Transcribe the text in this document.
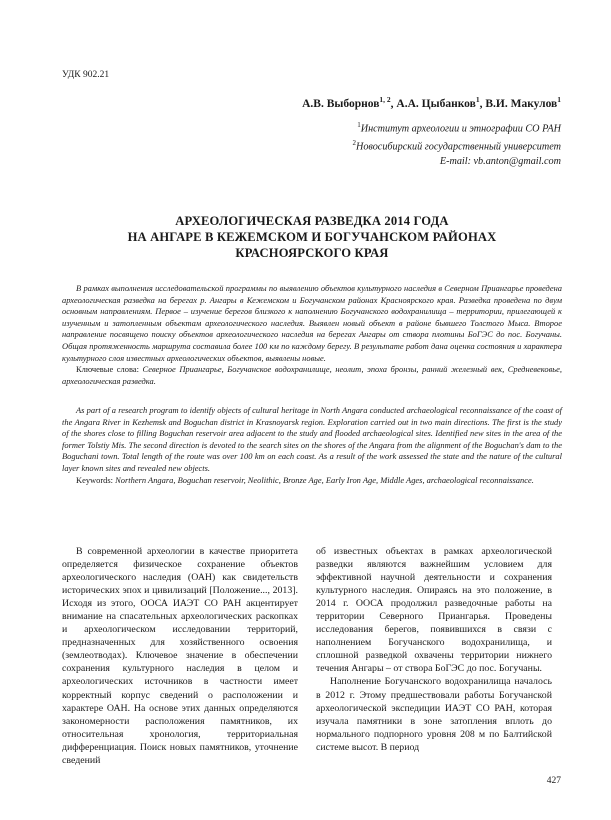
УДК 902.21
А.В. Выборнов$^{1, 2}$, А.А. Цыбанков$^1$, В.И. Макулов$^1$
$^1$Институт археологии и этнографии СО РАН
$^2$Новосибирский государственный университет
E-mail: vb.anton@gmail.com
АРХЕОЛОГИЧЕСКАЯ РАЗВЕДКА 2014 ГОДА
НА АНГАРЕ В КЕЖЕМСКОМ И БОГУЧАНСКОМ РАЙОНАХ
КРАСНОЯРСКОГО КРАЯ
В рамках выполнения исследовательской программы по выявлению объектов культурного наследия в Северном Приангарье проведена археологическая разведка на берегах р. Ангары в Кежемском и Богучанском районах Красноярского края. Разведка проведена по двум основным направлениям. Первое – изучение берегов близкого к наполнению Богучанского водохранилища – территории, прилегающей к изученным и затопленным объектам археологического наследия. Выявлен новый объект в районе бывшего Толстого Мыса. Второе направление посвящено поиску объектов археологического наследия на берегах Ангары от створа плотины БоГЭС до пос. Богучаны. Общая протяженность маршрута составила более 100 км по каждому берегу. В результате работ дана оценка состояния и характера культурного слоя известных археологических объектов, выявлены новые.
Ключевые слова: Северное Приангарье, Богучанское водохранилище, неолит, эпоха бронзы, ранний железный век, Средневековье, археологическая разведка.
As part of a research program to identify objects of cultural heritage in North Angara conducted archaeological reconnaissance of the coast of the Angara River in Kezhemsk and Boguchan district in Krasnoyarsk region. Exploration carried out in two main directions. The first is the study of the shores close to filling Boguchan reservoir area adjacent to the study and flooded archaeological sites. Identified new sites in the area of the former Tolstiy Mis. The second direction is devoted to the search sites on the shores of the Angara from the alignment of the Boguchan's dam to the Boguchani town. Total length of the route was over 100 km on each coast. As a result of the work assessed the state and the nature of the cultural layer known sites and revealed new objects.
Keywords: Northern Angara, Boguchan reservoir, Neolithic, Bronze Age, Early Iron Age, Middle Ages, archaeological reconnaissance.

В современной археологии в качестве приоритета определяется физическое сохранение объектов археологического наследия (ОАН) как свидетельств исторических эпох и цивилизаций [Положение..., 2013]. Исходя из этого, ООСА ИАЭТ СО РАН акцентирует внимание на спасательных археологических раскопках и археологическом исследовании территорий, предназначенных для хозяйственного освоения (землеотводах). Ключевое значение в обеспечении сохранения культурного наследия в целом и археологических источников в частности имеет корректный корпус сведений о расположении и характере ОАН. На основе этих данных определяются закономерности расположения памятников, их относительная хронология, территориальная дифференциация. Поиск новых памятников, уточнение сведений

об известных объектах в рамках археологической разведки являются важнейшим условием для эффективной научной деятельности и сохранения культурного наследия. Опираясь на это положение, в 2014 г. ООСА продолжил разведочные работы на территории Северного Приангарья. Проведены исследования берегов, появившихся в связи с наполнением Богучанского водохранилища, и сплошной разведкой охвачены территории нижнего течения Ангары – от створа БоГЭС до пос. Богучаны.

Наполнение Богучанского водохранилища началось в 2012 г. Этому предшествовали работы Богучанской археологической экспедиции ИАЭТ СО РАН, которая изучала памятники в зоне затопления вплоть до нормального подпорного уровня 208 м по Балтийской системе высот. В период

427
